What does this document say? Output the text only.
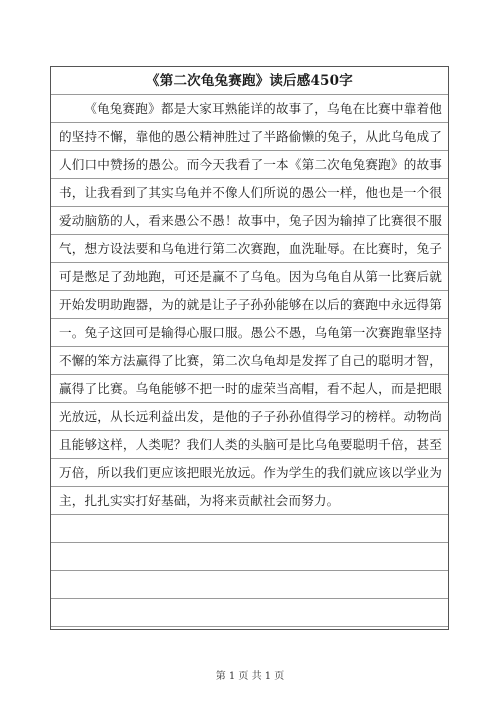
《第二次龟兔赛跑》读后感450字

《龟兔赛跑》都是大家耳熟能详的故事了，乌龟在比赛中靠着他的坚持不懈，靠他的愚公精神胜过了半路偷懒的兔子，从此乌龟成了人们口中赞扬的愚公。而今天我看了一本《第二次龟兔赛跑》的故事书，让我看到了其实乌龟并不像人们所说的愚公一样，他也是一个很爱动脑筋的人，看来愚公不愚！故事中，兔子因为输掉了比赛很不服气，想方设法要和乌龟进行第二次赛跑，血洗耻辱。在比赛时，兔子可是憋足了劲地跑，可还是赢不了乌龟。因为乌龟自从第一比赛后就开始发明助跑器，为的就是让子子孙孙能够在以后的赛跑中永远得第一。兔子这回可是输得心服口服。愚公不愚，乌龟第一次赛跑靠坚持不懈的笨方法赢得了比赛，第二次乌龟却是发挥了自己的聪明才智，赢得了比赛。乌龟能够不把一时的虚荣当高帽，看不起人，而是把眼光放远，从长远利益出发，是他的子子孙孙值得学习的榜样。动物尚且能够这样，人类呢？我们人类的头脑可是比乌龟要聪明千倍，甚至万倍，所以我们更应该把眼光放远。作为学生的我们就应该以学业为主，扎扎实实打好基础，为将来贡献社会而努力。

第 1 页 共 1 页
